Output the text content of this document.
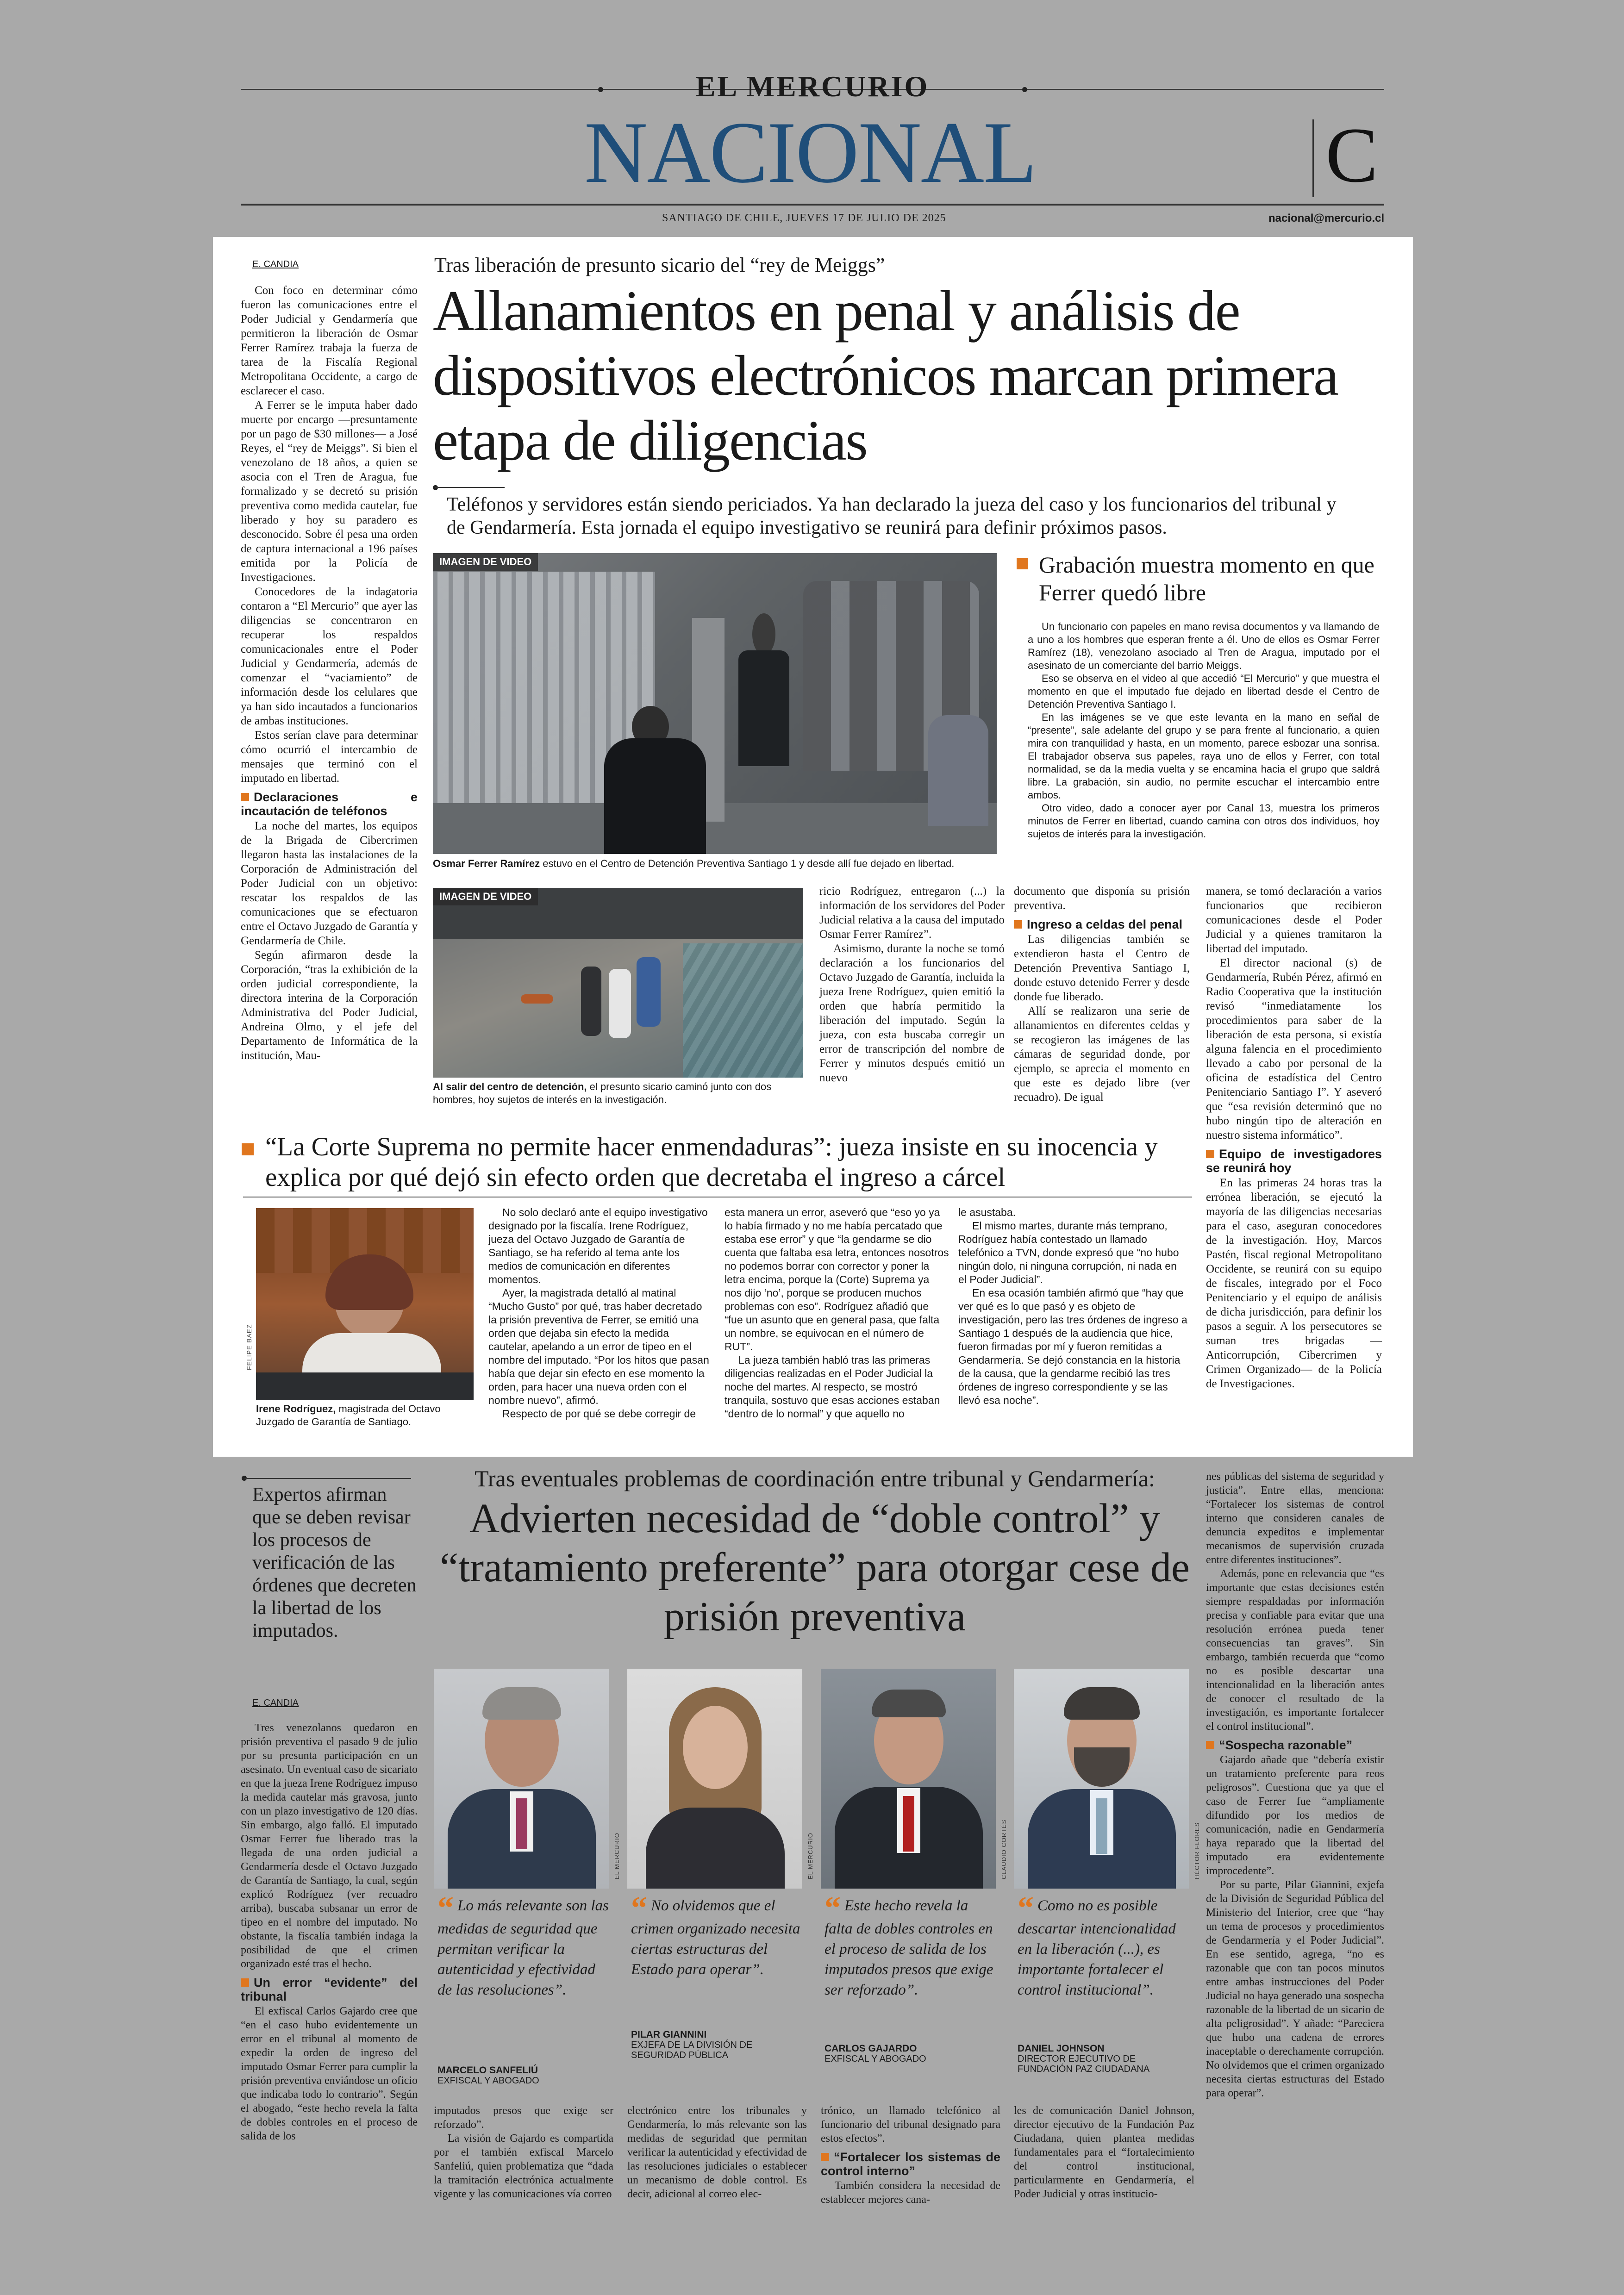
EL MERCURIO
NACIONAL	C
SANTIAGO DE CHILE, JUEVES 17 DE JULIO DE 2025	nacional@mercurio.cl
E. CANDIA

Con foco en determinar cómo fueron las comunicaciones entre el Poder Judicial y Gendarmería que permitieron la liberación de Osmar Ferrer Ramírez trabaja la fuerza de tarea de la Fiscalía Regional Metropolitana Occidente, a cargo de esclarecer el caso.

A Ferrer se le imputa haber dado muerte por encargo —presuntamente por un pago de $30 millones— a José Reyes, el “rey de Meiggs”. Si bien el venezolano de 18 años, a quien se asocia con el Tren de Aragua, fue formalizado y se decretó su prisión preventiva como medida cautelar, fue liberado y hoy su paradero es desconocido. Sobre él pesa una orden de captura internacional a 196 países emitida por la Policía de Investigaciones.

Conocedores de la indagatoria contaron a “El Mercurio” que ayer las diligencias se concentraron en recuperar los respaldos comunicacionales entre el Poder Judicial y Gendarmería, además de comenzar el “vaciamiento” de información desde los celulares que ya han sido incautados a funcionarios de ambas instituciones.

Estos serían clave para determinar cómo ocurrió el intercambio de mensajes que terminó con el imputado en libertad.

Declaraciones e incautación de teléfonos

La noche del martes, los equipos de la Brigada de Cibercrimen llegaron hasta las instalaciones de la Corporación de Administración del Poder Judicial con un objetivo: rescatar los respaldos de las comunicaciones que se efectuaron entre el Octavo Juzgado de Garantía y Gendarmería de Chile.

Según afirmaron desde la Corporación, “tras la exhibición de la orden judicial correspondiente, la directora interina de la Corporación Administrativa del Poder Judicial, Andreina Olmo, y el jefe del Departamento de Informática de la institución, Mau-

Tras liberación de presunto sicario del “rey de Meiggs”
Allanamientos en penal y análisis de dispositivos electrónicos marcan primera etapa de diligencias
Teléfonos y servidores están siendo periciados. Ya han declarado la jueza del caso y los funcionarios del tribunal y de Gendarmería. Esta jornada el equipo investigativo se reunirá para definir próximos pasos.
IMAGEN DE VIDEO
Osmar Ferrer Ramírez estuvo en el Centro de Detención Preventiva Santiago 1 y desde allí fue dejado en libertad.
Grabación muestra momento en que Ferrer quedó libre

Un funcionario con papeles en mano revisa documentos y va llamando de a uno a los hombres que esperan frente a él. Uno de ellos es Osmar Ferrer Ramírez (18), venezolano asociado al Tren de Aragua, imputado por el asesinato de un comerciante del barrio Meiggs.

Eso se observa en el video al que accedió “El Mercurio” y que muestra el momento en que el imputado fue dejado en libertad desde el Centro de Detención Preventiva Santiago I.

En las imágenes se ve que este levanta en la mano en señal de “presente”, sale adelante del grupo y se para frente al funcionario, a quien mira con tranquilidad y hasta, en un momento, parece esbozar una sonrisa. El trabajador observa sus papeles, raya uno de ellos y Ferrer, con total normalidad, se da la media vuelta y se encamina hacia el grupo que saldrá libre. La grabación, sin audio, no permite escuchar el intercambio entre ambos.

Otro video, dado a conocer ayer por Canal 13, muestra los primeros minutos de Ferrer en libertad, cuando camina con otros dos individuos, hoy sujetos de interés para la investigación.

IMAGEN DE VIDEO
Al salir del centro de detención, el presunto sicario caminó junto con dos hombres, hoy sujetos de interés en la investigación.

ricio Rodríguez, entregaron (...) la información de los servidores del Poder Judicial relativa a la causa del imputado Osmar Ferrer Ramírez”.

Asimismo, durante la noche se tomó declaración a los funcionarios del Octavo Juzgado de Garantía, incluida la jueza Irene Rodríguez, quien emitió la orden que habría permitido la liberación del imputado. Según la jueza, con esta buscaba corregir un error de transcripción del nombre de Ferrer y minutos después emitió un nuevo

documento que disponía su prisión preventiva.

Ingreso a celdas del penal

Las diligencias también se extendieron hasta el Centro de Detención Preventiva Santiago I, donde estuvo detenido Ferrer y desde donde fue liberado.

Allí se realizaron una serie de allanamientos en diferentes celdas y se recogieron las imágenes de las cámaras de seguridad donde, por ejemplo, se aprecia el momento en que este es dejado libre (ver recuadro). De igual

manera, se tomó declaración a varios funcionarios que recibieron comunicaciones desde el Poder Judicial y a quienes tramitaron la libertad del imputado.

El director nacional (s) de Gendarmería, Rubén Pérez, afirmó en Radio Cooperativa que la institución revisó “inmediatamente los procedimientos para saber de la liberación de esta persona, si existía alguna falencia en el procedimiento llevado a cabo por personal de la oficina de estadística del Centro Penitenciario Santiago I”. Y aseveró que “esa revisión determinó que no hubo ningún tipo de alteración en nuestro sistema informático”.

Equipo de investigadores se reunirá hoy

En las primeras 24 horas tras la errónea liberación, se ejecutó la mayoría de las diligencias necesarias para el caso, aseguran conocedores de la investigación. Hoy, Marcos Pastén, fiscal regional Metropolitano Occidente, se reunirá con su equipo de fiscales, integrado por el Foco Penitenciario y el equipo de análisis de dicha jurisdicción, para definir los pasos a seguir. A los persecutores se suman tres brigadas —Anticorrupción, Cibercrimen y Crimen Organizado— de la Policía de Investigaciones.

“La Corte Suprema no permite hacer enmendaduras”: jueza insiste en su inocencia y explica por qué dejó sin efecto orden que decretaba el ingreso a cárcel
FELIPE BAEZ
Irene Rodríguez, magistrada del Octavo Juzgado de Garantía de Santiago.

No solo declaró ante el equipo investigativo designado por la fiscalía. Irene Rodríguez, jueza del Octavo Juzgado de Garantía de Santiago, se ha referido al tema ante los medios de comunicación en diferentes momentos.

Ayer, la magistrada detalló al matinal “Mucho Gusto” por qué, tras haber decretado la prisión preventiva de Ferrer, se emitió una orden que dejaba sin efecto la medida cautelar, apelando a un error de tipeo en el nombre del imputado. “Por los hitos que pasan había que dejar sin efecto en ese momento la orden, para hacer una nueva orden con el nombre nuevo”, afirmó.

Respecto de por qué se debe corregir de

esta manera un error, aseveró que “eso yo ya lo había firmado y no me había percatado que estaba ese error” y que “la gendarme se dio cuenta que faltaba esa letra, entonces nosotros no podemos borrar con corrector y poner la letra encima, porque la (Corte) Suprema ya nos dijo ‘no’, porque se producen muchos problemas con eso”. Rodríguez añadió que “fue un asunto que en general pasa, que falta un nombre, se equivocan en el número de RUT”.

La jueza también habló tras las primeras diligencias realizadas en el Poder Judicial la noche del martes. Al respecto, se mostró tranquila, sostuvo que esas acciones estaban “dentro de lo normal” y que aquello no

le asustaba.

El mismo martes, durante más temprano, Rodríguez había contestado un llamado telefónico a TVN, donde expresó que “no hubo ningún dolo, ni ninguna corrupción, ni nada en el Poder Judicial”.

En esa ocasión también afirmó que “hay que ver qué es lo que pasó y es objeto de investigación, pero las tres órdenes de ingreso a Santiago 1 después de la audiencia que hice, fueron firmadas por mí y fueron remitidas a Gendarmería. Se dejó constancia en la historia de la causa, que la gendarme recibió las tres órdenes de ingreso correspondiente y se las llevó esa noche”.

Expertos afirman que se deben revisar los procesos de verificación de las órdenes que decreten la libertad de los imputados.
E. CANDIA

Tres venezolanos quedaron en prisión preventiva el pasado 9 de julio por su presunta participación en un asesinato. Un eventual caso de sicariato en que la jueza Irene Rodríguez impuso la medida cautelar más gravosa, junto con un plazo investigativo de 120 días. Sin embargo, algo falló. El imputado Osmar Ferrer fue liberado tras la llegada de una orden judicial a Gendarmería desde el Octavo Juzgado de Garantía de Santiago, la cual, según explicó Rodríguez (ver recuadro arriba), buscaba subsanar un error de tipeo en el nombre del imputado. No obstante, la fiscalía también indaga la posibilidad de que el crimen organizado esté tras el hecho.

Un error “evidente” del tribunal

El exfiscal Carlos Gajardo cree que “en el caso hubo evidentemente un error en el tribunal al momento de expedir la orden de ingreso del imputado Osmar Ferrer para cumplir la prisión preventiva enviándose un oficio que indicaba todo lo contrario”. Según el abogado, “este hecho revela la falta de dobles controles en el proceso de salida de los

Tras eventuales problemas de coordinación entre tribunal y Gendarmería:
Advierten necesidad de “doble control” y “tratamiento preferente” para otorgar cese de prisión preventiva
EL MERCURIO	EL MERCURIO	CLAUDIO CORTÉS	HÉCTOR FLORES
“ Lo más relevante son las medidas de seguridad que permitan verificar la autenticidad y efectividad de las resoluciones”.
“ No olvidemos que el crimen organizado necesita ciertas estructuras del Estado para operar”.
“ Este hecho revela la falta de dobles controles en el proceso de salida de los imputados presos que exige ser reforzado”.
“ Como no es posible descartar intencionalidad en la liberación (...), es importante fortalecer el control institucional”.
MARCELO SANFELIÚ
EXFISCAL Y ABOGADO
PILAR GIANNINI
EXJEFA DE LA DIVISIÓN DE SEGURIDAD PÚBLICA
CARLOS GAJARDO
EXFISCAL Y ABOGADO
DANIEL JOHNSON
DIRECTOR EJECUTIVO DE FUNDACIÓN PAZ CIUDADANA

imputados presos que exige ser reforzado”.

La visión de Gajardo es compartida por el también exfiscal Marcelo Sanfeliú, quien problematiza que “dada la tramitación electrónica actualmente vigente y las comunicaciones vía correo

electrónico entre los tribunales y Gendarmería, lo más relevante son las medidas de seguridad que permitan verificar la autenticidad y efectividad de las resoluciones judiciales o establecer un mecanismo de doble control. Es decir, adicional al correo elec-

trónico, un llamado telefónico al funcionario del tribunal designado para estos efectos”.

“Fortalecer los sistemas de control interno”

También considera la necesidad de establecer mejores cana-

les de comunicación Daniel Johnson, director ejecutivo de la Fundación Paz Ciudadana, quien plantea medidas fundamentales para el “fortalecimiento del control institucional, particularmente en Gendarmería, el Poder Judicial y otras institucio-

nes públicas del sistema de seguridad y justicia”. Entre ellas, menciona: “Fortalecer los sistemas de control interno que consideren canales de denuncia expeditos e implementar mecanismos de supervisión cruzada entre diferentes instituciones”.

Además, pone en relevancia que “es importante que estas decisiones estén siempre respaldadas por información precisa y confiable para evitar que una resolución errónea pueda tener consecuencias tan graves”. Sin embargo, también recuerda que “como no es posible descartar una intencionalidad en la liberación antes de conocer el resultado de la investigación, es importante fortalecer el control institucional”.

“Sospecha razonable”

Gajardo añade que “debería existir un tratamiento preferente para reos peligrosos”. Cuestiona que ya que el caso de Ferrer fue “ampliamente difundido por los medios de comunicación, nadie en Gendarmería haya reparado que la libertad del imputado era evidentemente improcedente”.

Por su parte, Pilar Giannini, exjefa de la División de Seguridad Pública del Ministerio del Interior, cree que “hay un tema de procesos y procedimientos de Gendarmería y el Poder Judicial”. En ese sentido, agrega, “no es razonable que con tan pocos minutos entre ambas instrucciones del Poder Judicial no haya generado una sospecha razonable de la libertad de un sicario de alta peligrosidad”. Y añade: “Pareciera que hubo una cadena de errores inaceptable o derechamente corrupción. No olvidemos que el crimen organizado necesita ciertas estructuras del Estado para operar”.
